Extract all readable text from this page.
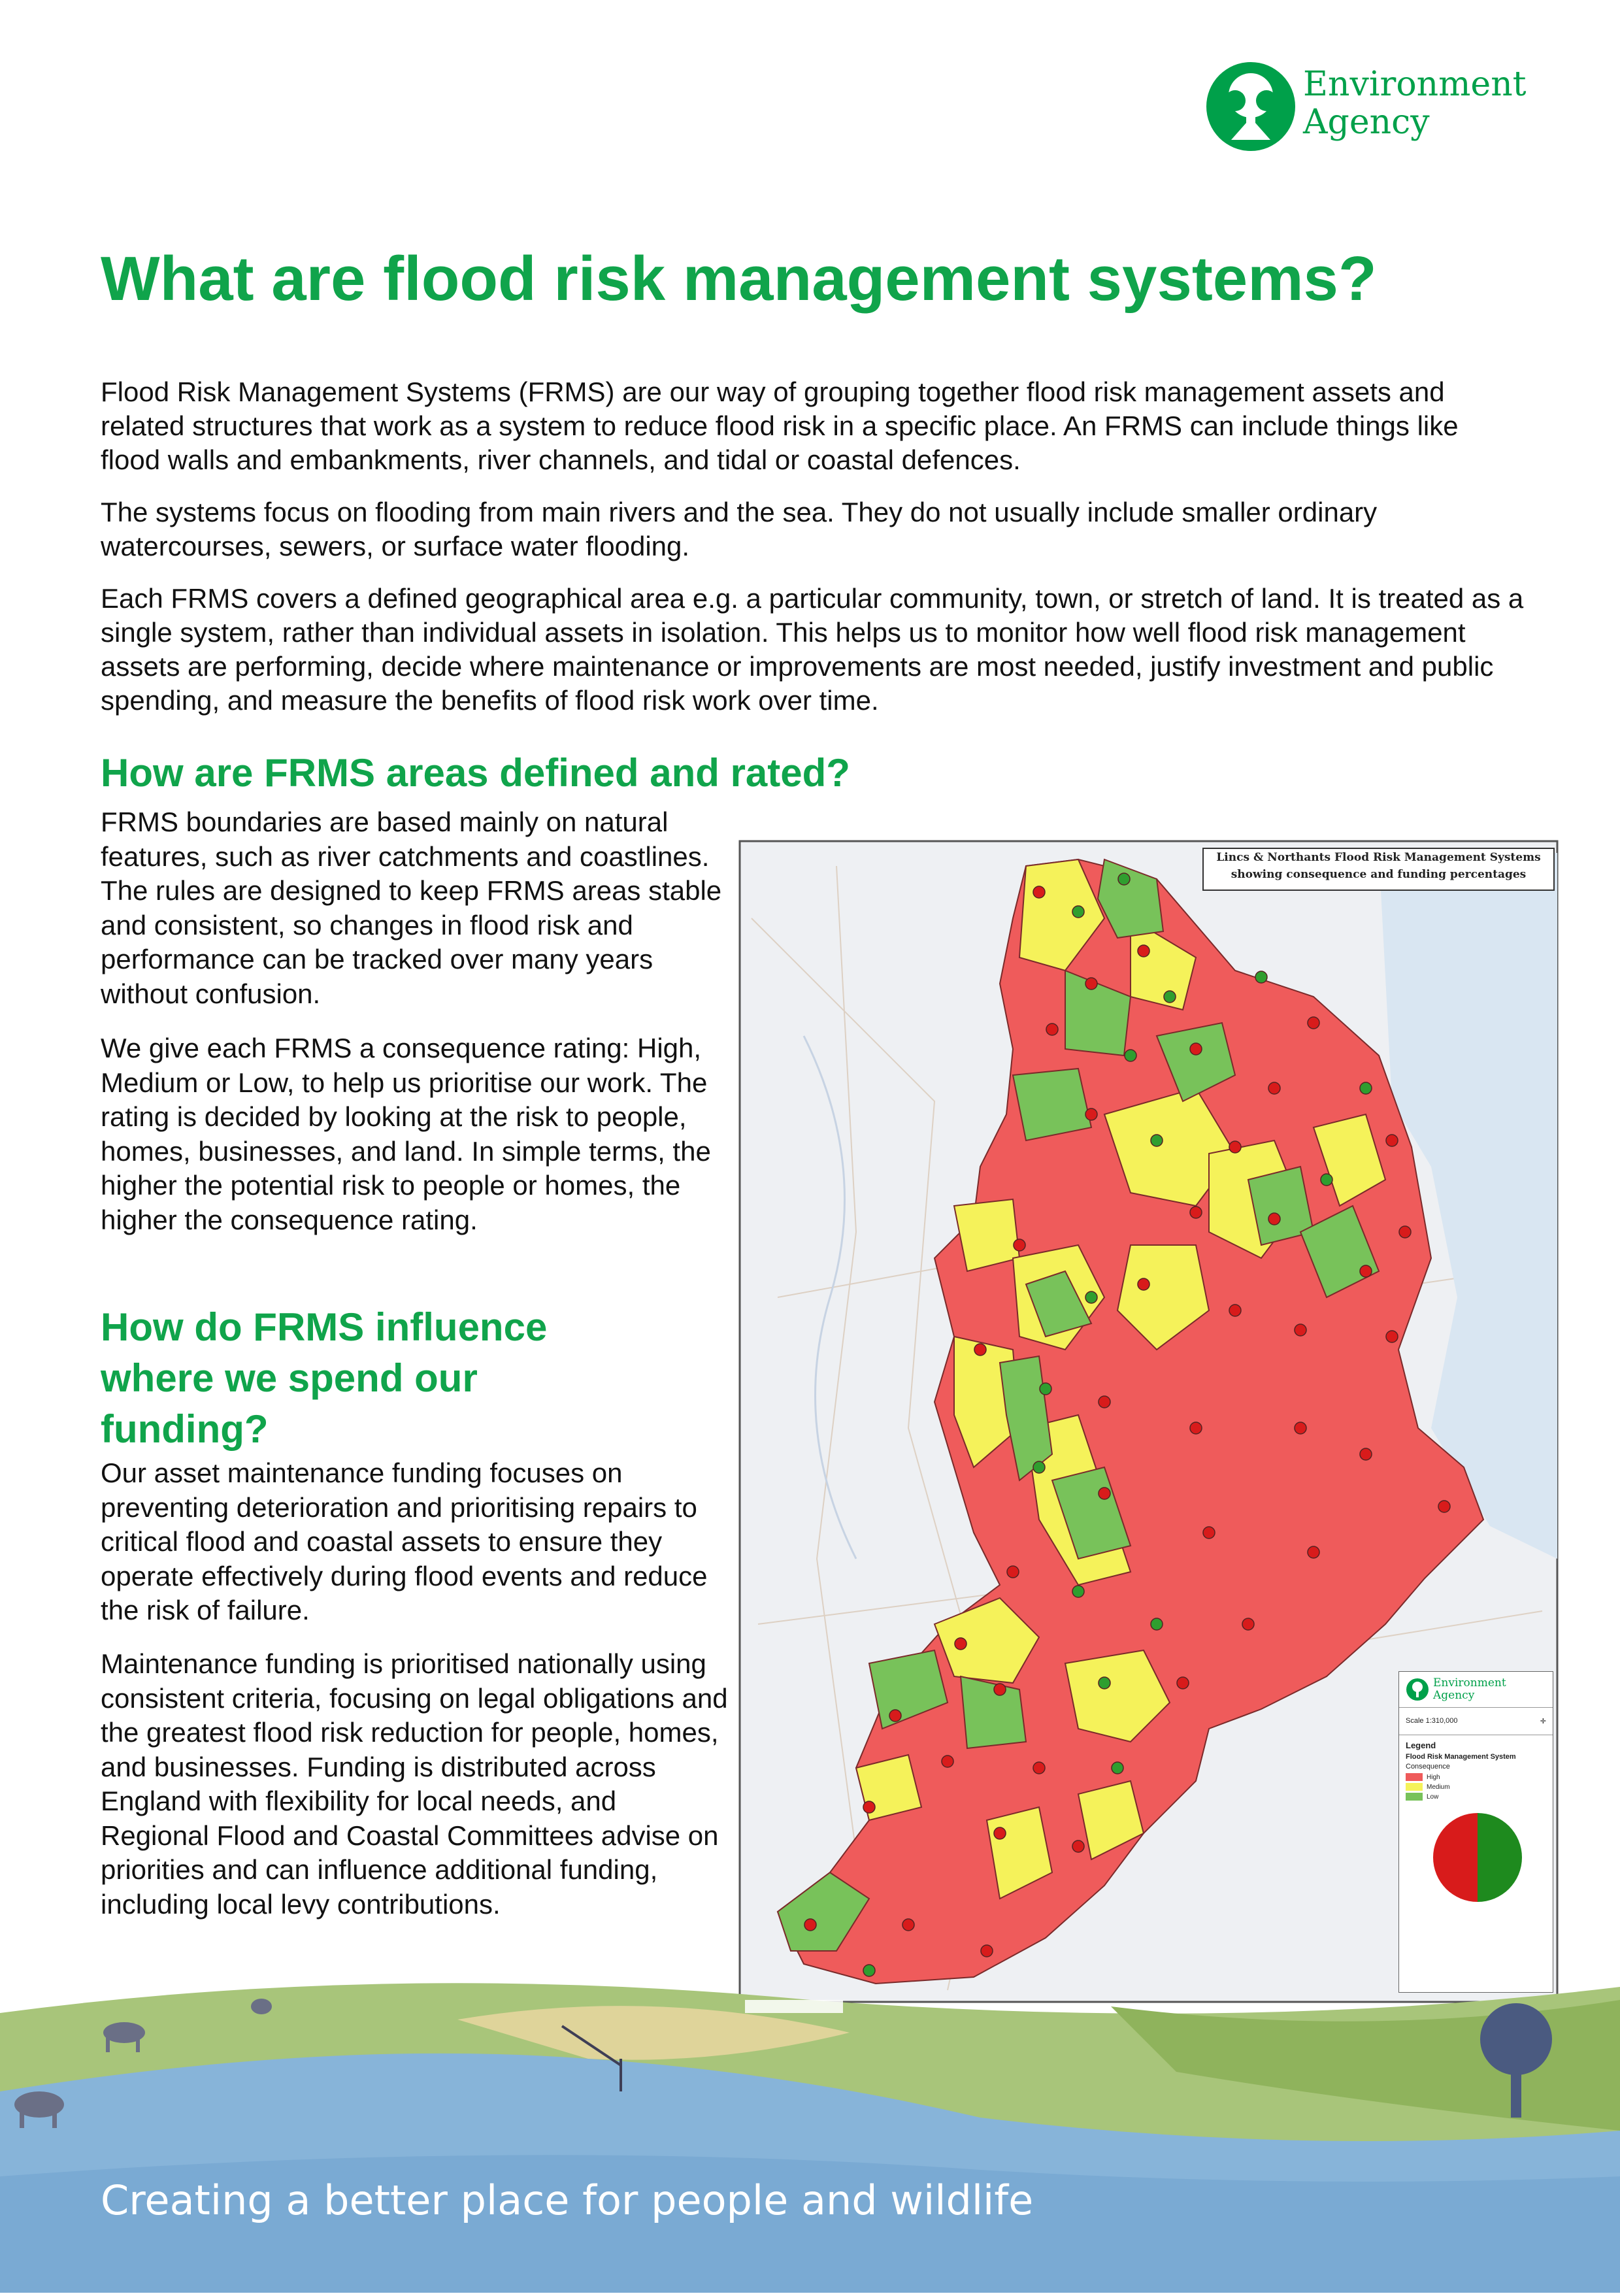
Environment
Agency
What are flood risk management systems?

Flood Risk Management Systems (FRMS) are our way of grouping together flood risk management assets and related structures that work as a system to reduce flood risk in a specific place. An FRMS can include things like flood walls and embankments, river channels, and tidal or coastal defences.

The systems focus on flooding from main rivers and the sea. They do not usually include smaller ordinary watercourses, sewers, or surface water flooding.

Each FRMS covers a defined geographical area e.g. a particular community, town, or stretch of land. It is treated as a single system, rather than individual assets in isolation. This helps us to monitor how well flood risk management assets are performing, decide where maintenance or improvements are most needed, justify investment and public spending, and measure the benefits of flood risk work over time.

How are FRMS areas defined and rated?

FRMS boundaries are based mainly on natural features, such as river catchments and coastlines. The rules are designed to keep FRMS areas stable and consistent, so changes in flood risk and performance can be tracked over many years without confusion.

We give each FRMS a consequence rating: High, Medium or Low, to help us prioritise our work. The rating is decided by looking at the risk to people, homes, businesses, and land. In simple terms, the higher the potential risk to people or homes, the higher the consequence rating.

How do FRMS influence where we spend our funding?

Our asset maintenance funding focuses on preventing deterioration and prioritising repairs to critical flood and coastal assets to ensure they operate effectively during flood events and reduce the risk of failure.

Maintenance funding is prioritised nationally using consistent criteria, focusing on legal obligations and the greatest flood risk reduction for people, homes, and businesses. Funding is distributed across England with flexibility for local needs, and Regional Flood and Coastal Committees advise on priorities and can influence additional funding, including local levy contributions.

Lincs & Northants Flood Risk Management Systems
showing consequence and funding percentages
Environment
Agency
Scale 1:310,000	✛
Legend
Flood Risk Management System
Consequence
High
Medium
Low
Creating a better place for people and wildlife
